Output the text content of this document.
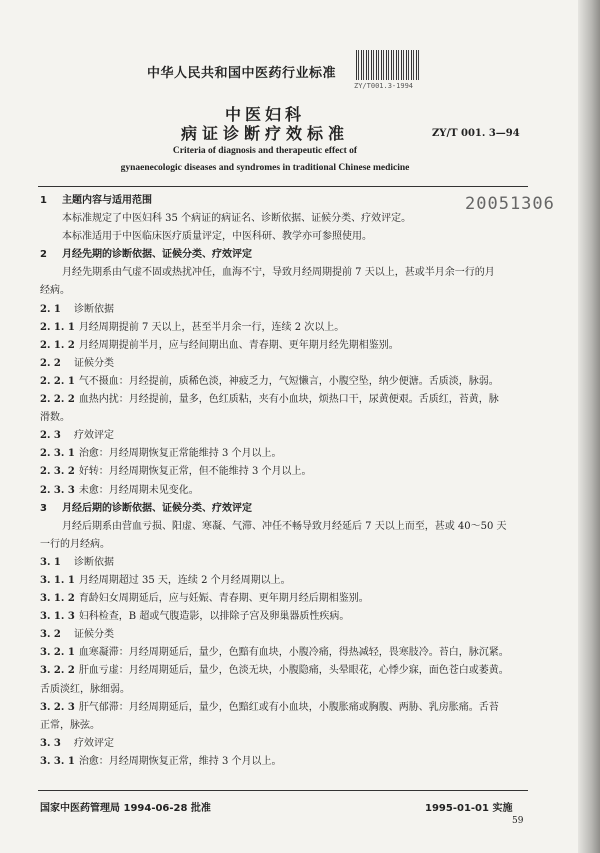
中华人民共和国中医药行业标准
ZY/T001.3-1994
中医妇科
病证诊断疗效标准	ZY/T 001. 3—94
Criteria of diagnosis and therapeutic effect of
gynaenecologic diseases and syndromes in traditional Chinese medicine
20051306
1 主题内容与适用范围
本标准规定了中医妇科 35 个病证的病证名、诊断依据、证候分类、疗效评定。
本标准适用于中医临床医疗质量评定，中医科研、教学亦可参照使用。
2 月经先期的诊断依据、证候分类、疗效评定
月经先期系由气虚不固或热扰冲任，血海不宁，导致月经周期提前 7 天以上，甚或半月余一行的月
经病。
2. 1 诊断依据
2. 1. 1 月经周期提前 7 天以上，甚至半月余一行，连续 2 次以上。
2. 1. 2 月经周期提前半月，应与经间期出血、青春期、更年期月经先期相鉴别。
2. 2 证候分类
2. 2. 1 气不摄血：月经提前，质稀色淡，神疲乏力，气短懒言，小腹空坠，纳少便溏。舌质淡，脉弱。
2. 2. 2 血热内扰：月经提前，量多，色红质粘，夹有小血块，烦热口干，尿黄便艰。舌质红，苔黄，脉
滑数。
2. 3 疗效评定
2. 3. 1 治愈：月经周期恢复正常能维持 3 个月以上。
2. 3. 2 好转：月经周期恢复正常，但不能维持 3 个月以上。
2. 3. 3 未愈：月经周期未见变化。
3 月经后期的诊断依据、证候分类、疗效评定
月经后期系由营血亏损、阳虚、寒凝、气滞、冲任不畅导致月经延后 7 天以上而至，甚或 40～50 天
一行的月经病。
3. 1 诊断依据
3. 1. 1 月经周期超过 35 天，连续 2 个月经周期以上。
3. 1. 2 育龄妇女周期延后，应与妊娠、青春期、更年期月经后期相鉴别。
3. 1. 3 妇科检查，B 超或气腹造影，以排除子宫及卵巢器质性疾病。
3. 2 证候分类
3. 2. 1 血寒凝滞：月经周期延后，量少，色黯有血块，小腹冷痛，得热减轻，畏寒肢冷。苔白，脉沉紧。
3. 2. 2 肝血亏虚：月经周期延后，量少，色淡无块，小腹隐痛，头晕眼花，心悸少寐，面色苍白或萎黄。
舌质淡红，脉细弱。
3. 2. 3 肝气郁滞：月经周期延后，量少，色黯红或有小血块，小腹胀痛或胸腹、两胁、乳房胀痛。舌苔
正常，脉弦。
3. 3 疗效评定
3. 3. 1 治愈：月经周期恢复正常，维持 3 个月以上。
国家中医药管理局 1994-06-28 批准	1995-01-01 实施
59
